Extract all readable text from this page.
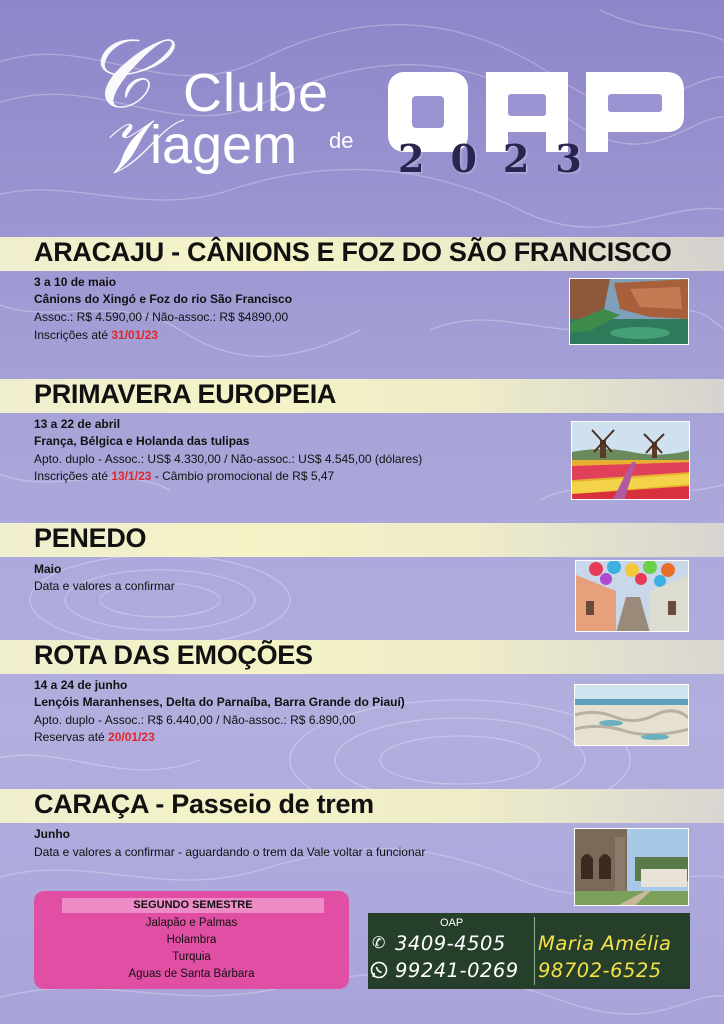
𝒞 Clube
𝒱
iagem de 2023
ARACAJU - CÂNIONS E FOZ DO SÃO FRANCISCO
3 a 10 de maio
Cânions do Xingó e Foz do rio São Francisco
Assoc.: R$ 4.590,00 / Não-assoc.: R$ $4890,00
Inscrições até 31/01/23
PRIMAVERA EUROPEIA
13 a 22 de abril
França, Bélgica e Holanda das tulipas
Apto. duplo - Assoc.: US$ 4.330,00 / Não-assoc.: US$ 4.545,00 (dólares)
Inscrições até 13/1/23 - Câmbio promocional de R$ 5,47
PENEDO
Maio
Data e valores a confirmar
ROTA DAS EMOÇÕES
14 a 24 de junho
Lençóis Maranhenses, Delta do Parnaíba, Barra Grande do Piauí)
Apto. duplo - Assoc.: R$ 6.440,00 / Não-assoc.: R$ 6.890,00
Reservas até 20/01/23
CARAÇA - Passeio de trem
Junho
Data e valores a confirmar - aguardando o trem da Vale voltar a funcionar
SEGUNDO SEMESTRE
Jalapão e Palmas
Holambra
Turquia
Aguas de Santa Bárbara
OAP
✆ 3409-4505
99241-0269
Maria Amélia
98702-6525
